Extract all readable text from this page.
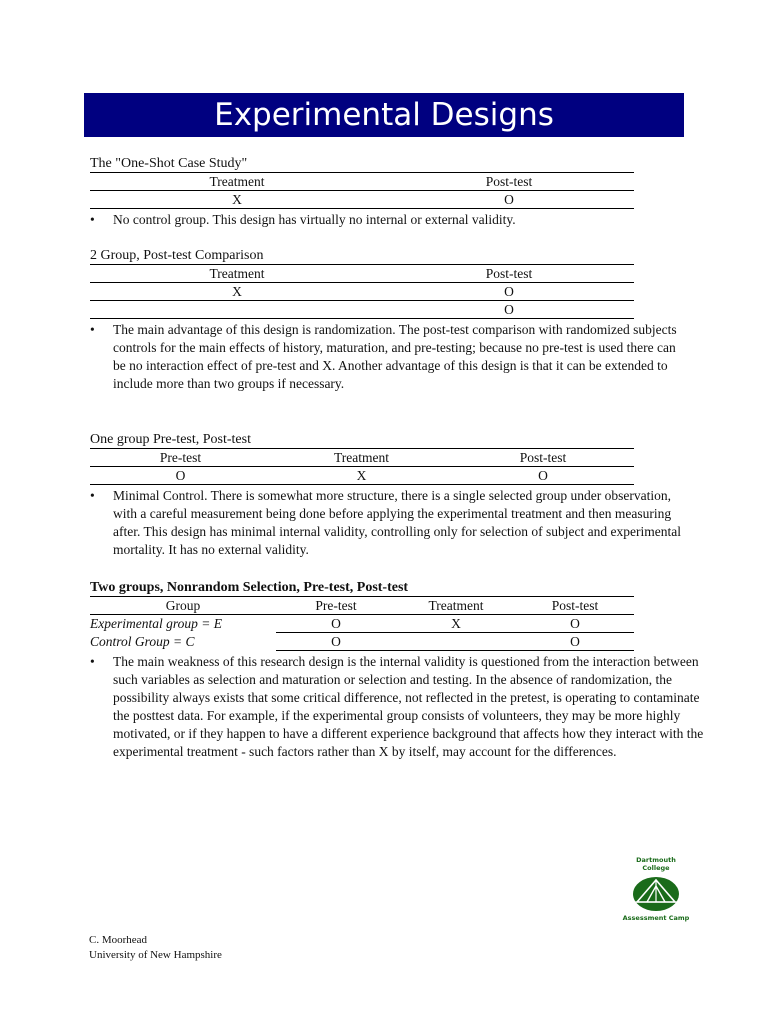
Experimental Designs
The "One-Shot Case Study"
Treatment	Post-test
X	O
• No control group. This design has virtually no internal or external validity.
2 Group, Post-test Comparison
Treatment	Post-test
X	O
	O
• The main advantage of this design is randomization. The post-test comparison with randomized subjects controls for the main effects of history, maturation, and pre-testing; because no pre-test is used there can be no interaction effect of pre-test and X. Another advantage of this design is that it can be extended to include more than two groups if necessary.
One group Pre-test, Post-test
Pre-test	Treatment	Post-test
O	X	O
• Minimal Control. There is somewhat more structure, there is a single selected group under observation, with a careful measurement being done before applying the experimental treatment and then measuring after. This design has minimal internal validity, controlling only for selection of subject and experimental mortality. It has no external validity.
Two groups, Nonrandom Selection, Pre-test, Post-test
Group	Pre-test	Treatment	Post-test
Experimental group = E	O	X	O
Control Group = C	O		O
• The main weakness of this research design is the internal validity is questioned from the interaction between such variables as selection and maturation or selection and testing. In the absence of randomization, the possibility always exists that some critical difference, not reflected in the pretest, is operating to contaminate the posttest data. For example, if the experimental group consists of volunteers, they may be more highly motivated, or if they happen to have a different experience background that affects how they interact with the experimental treatment - such factors rather than X by itself, may account for the differences.
Dartmouth College
Assessment Camp
C. Moorhead
University of New Hampshire
